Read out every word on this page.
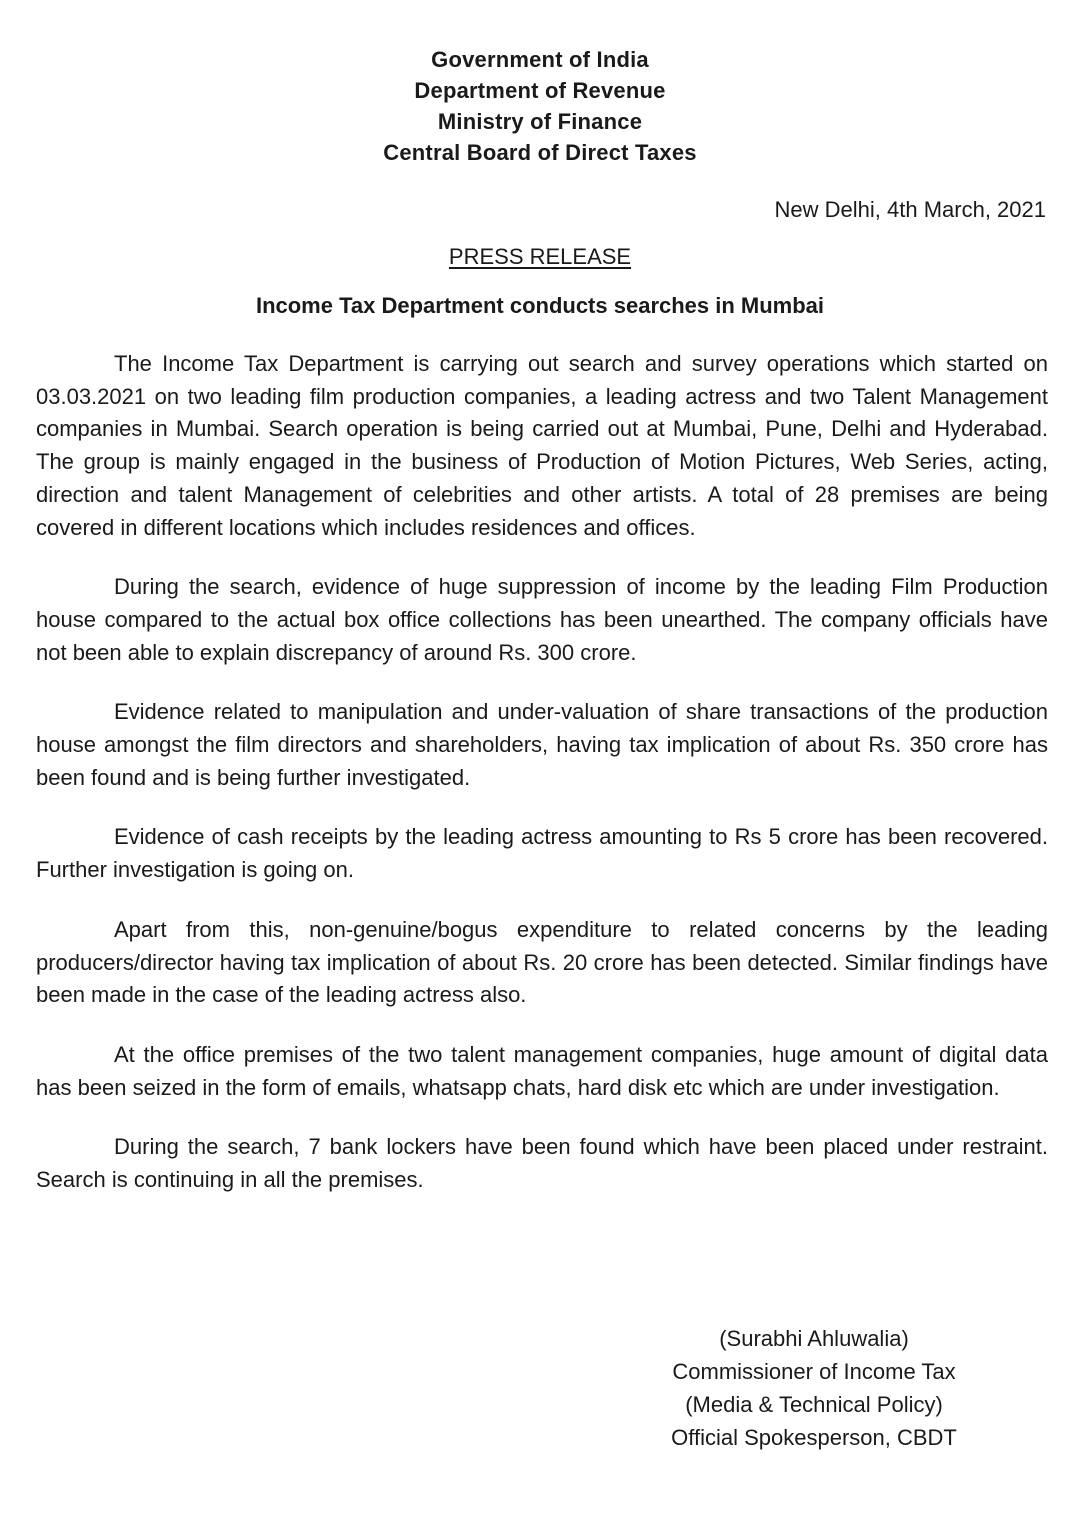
Government of India
Department of Revenue
Ministry of Finance
Central Board of Direct Taxes
New Delhi, 4th March, 2021
PRESS RELEASE
Income Tax Department conducts searches in Mumbai

The Income Tax Department is carrying out search and survey operations which started on 03.03.2021 on two leading film production companies, a leading actress and two Talent Management companies in Mumbai. Search operation is being carried out at Mumbai, Pune, Delhi and Hyderabad. The group is mainly engaged in the business of Production of Motion Pictures, Web Series, acting, direction and talent Management of celebrities and other artists. A total of 28 premises are being covered in different locations which includes residences and offices.

During the search, evidence of huge suppression of income by the leading Film Production house compared to the actual box office collections has been unearthed. The company officials have not been able to explain discrepancy of around Rs. 300 crore.

Evidence related to manipulation and under-valuation of share transactions of the production house amongst the film directors and shareholders, having tax implication of about Rs. 350 crore has been found and is being further investigated.

Evidence of cash receipts by the leading actress amounting to Rs 5 crore has been recovered. Further investigation is going on.

Apart from this, non-genuine/bogus expenditure to related concerns by the leading producers/director having tax implication of about Rs. 20 crore has been detected. Similar findings have been made in the case of the leading actress also.

At the office premises of the two talent management companies, huge amount of digital data has been seized in the form of emails, whatsapp chats, hard disk etc which are under investigation.

During the search, 7 bank lockers have been found which have been placed under restraint. Search is continuing in all the premises.

(Surabhi Ahluwalia)
Commissioner of Income Tax
(Media & Technical Policy)
Official Spokesperson, CBDT
